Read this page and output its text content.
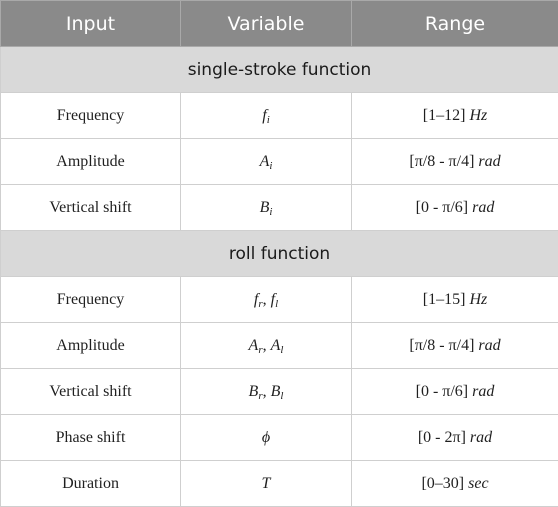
Input	Variable	Range
single-stroke function		
Frequency	$f_i$	[1–12] Hz
Amplitude	$A_i$	[π/8 - π/4] rad
Vertical shift	$B_i$	[0 - π/6] rad
roll function		
Frequency	$f_r$, $f_l$	[1–15] Hz
Amplitude	$A_r$, $A_l$	[π/8 - π/4] rad
Vertical shift	$B_r$, $B_l$	[0 - π/6] rad
Phase shift	ϕ	[0 - 2π] rad
Duration	T	[0–30] sec
